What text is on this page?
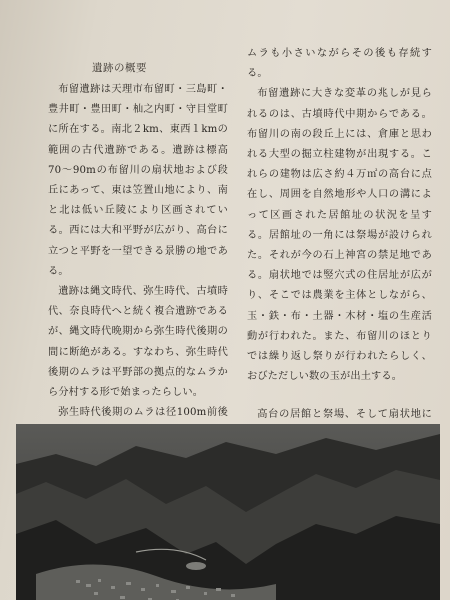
遺跡の概要

布留遺跡は天理市布留町・三島町・豊井町・豊田町・杣之内町・守目堂町に所在する。南北２km、東西１kmの範囲の古代遺跡である。遺跡は標高70〜90mの布留川の扇状地および段丘にあって、東は笠置山地により、南と北は低い丘陵により区画されている。西には大和平野が広がり、高台に立つと平野を一望できる景勝の地である。

遺跡は縄文時代、弥生時代、古墳時代、奈良時代へと続く複合遺跡であるが、縄文時代晩期から弥生時代後期の間に断絶がある。すなわち、弥生時代後期のムラは平野部の拠点的なムラから分村する形で始まったらしい。

弥生時代後期のムラは径100m前後

ムラも小さいながらその後も存続する。

布留遺跡に大きな変革の兆しが見られるのは、古墳時代中期からである。布留川の南の段丘上には、倉庫と思われる大型の掘立柱建物が出現する。これらの建物は広さ約４万㎡の高台に点在し、周囲を自然地形や人口の溝によって区画された居館址の状況を呈する。居館址の一角には祭場が設けられた。それが今の石上神宮の禁足地である。扇状地では竪穴式の住居址が広がり、そこでは農業を主体としながら、玉・鉄・布・土器・木材・塩の生産活動が行われた。また、布留川のほとりでは繰り返し祭りが行われたらしく、おびただしい数の玉が出土する。

高台の居館と祭場、そして扇状地に
